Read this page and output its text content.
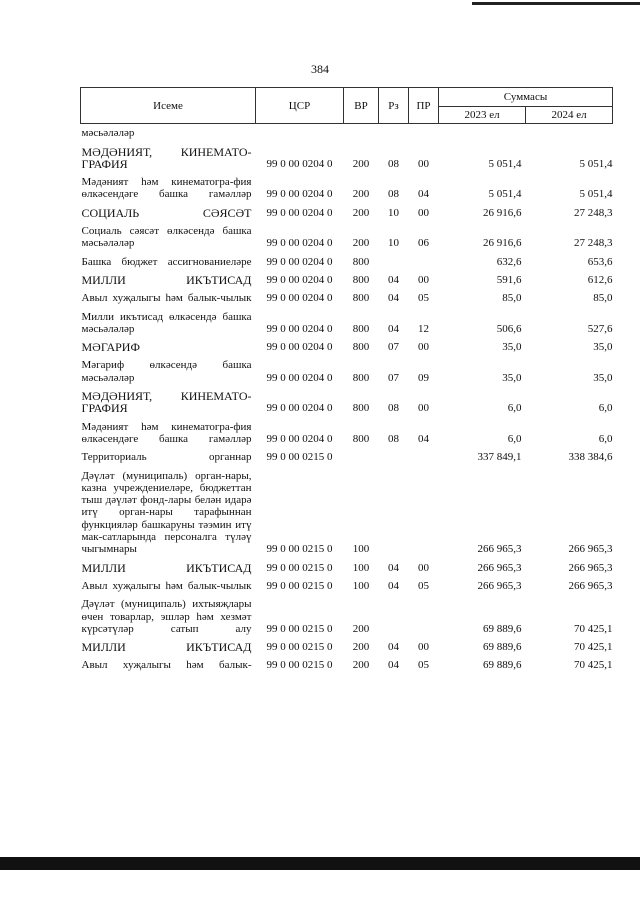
384
Исеме	ЦСР	ВР	Рз	ПР	Суммасы	
					2023 ел	2024 ел
мәсьәләләр						
МӘДӘНИЯТ, КИНЕМАТО-ГРАФИЯ	99 0 00 0204 0	200	08	00	5 051,4	5 051,4
Мәдәният һәм кинематогра-фия өлкәсендәге башка гамәлләр	99 0 00 0204 0	200	08	04	5 051,4	5 051,4
СОЦИАЛЬ СӘЯСӘТ	99 0 00 0204 0	200	10	00	26 916,6	27 248,3
Социаль сәясәт өлкәсендә башка мәсьәләләр	99 0 00 0204 0	200	10	06	26 916,6	27 248,3
Башка бюджет ассигнованиеләре	99 0 00 0204 0	800			632,6	653,6
МИЛЛИ ИКЪТИСАД	99 0 00 0204 0	800	04	00	591,6	612,6
Авыл хуҗалыгы һәм балык-чылык	99 0 00 0204 0	800	04	05	85,0	85,0
Милли икътисад өлкәсендә башка мәсьәләләр	99 0 00 0204 0	800	04	12	506,6	527,6
МӘГАРИФ	99 0 00 0204 0	800	07	00	35,0	35,0
Мәгариф өлкәсендә башка мәсьәләләр	99 0 00 0204 0	800	07	09	35,0	35,0
МӘДӘНИЯТ, КИНЕМАТО-ГРАФИЯ	99 0 00 0204 0	800	08	00	6,0	6,0
Мәдәният һәм кинематогра-фия өлкәсендәге башка гамәлләр	99 0 00 0204 0	800	08	04	6,0	6,0
Территориаль органнар	99 0 00 0215 0				337 849,1	338 384,6
Дәүләт (муниципаль) орган-нары, казна учреждениеләре, бюджеттан тыш дәүләт фонд-лары белән идарә итү орган-нары тарафыннан функцияләр башкаруны тәэмин итү мак-сатларында персоналга түләү чыгымнары	99 0 00 0215 0	100			266 965,3	266 965,3
МИЛЛИ ИКЪТИСАД	99 0 00 0215 0	100	04	00	266 965,3	266 965,3
Авыл хуҗалыгы һәм балык-чылык	99 0 00 0215 0	100	04	05	266 965,3	266 965,3
Дәүләт (муниципаль) ихтыяҗлары өчен товарлар, эшләр һәм хезмәт күрсәтүләр сатып алу	99 0 00 0215 0	200			69 889,6	70 425,1
МИЛЛИ ИКЪТИСАД	99 0 00 0215 0	200	04	00	69 889,6	70 425,1
Авыл хуҗалыгы һәм балык-	99 0 00 0215 0	200	04	05	69 889,6	70 425,1
